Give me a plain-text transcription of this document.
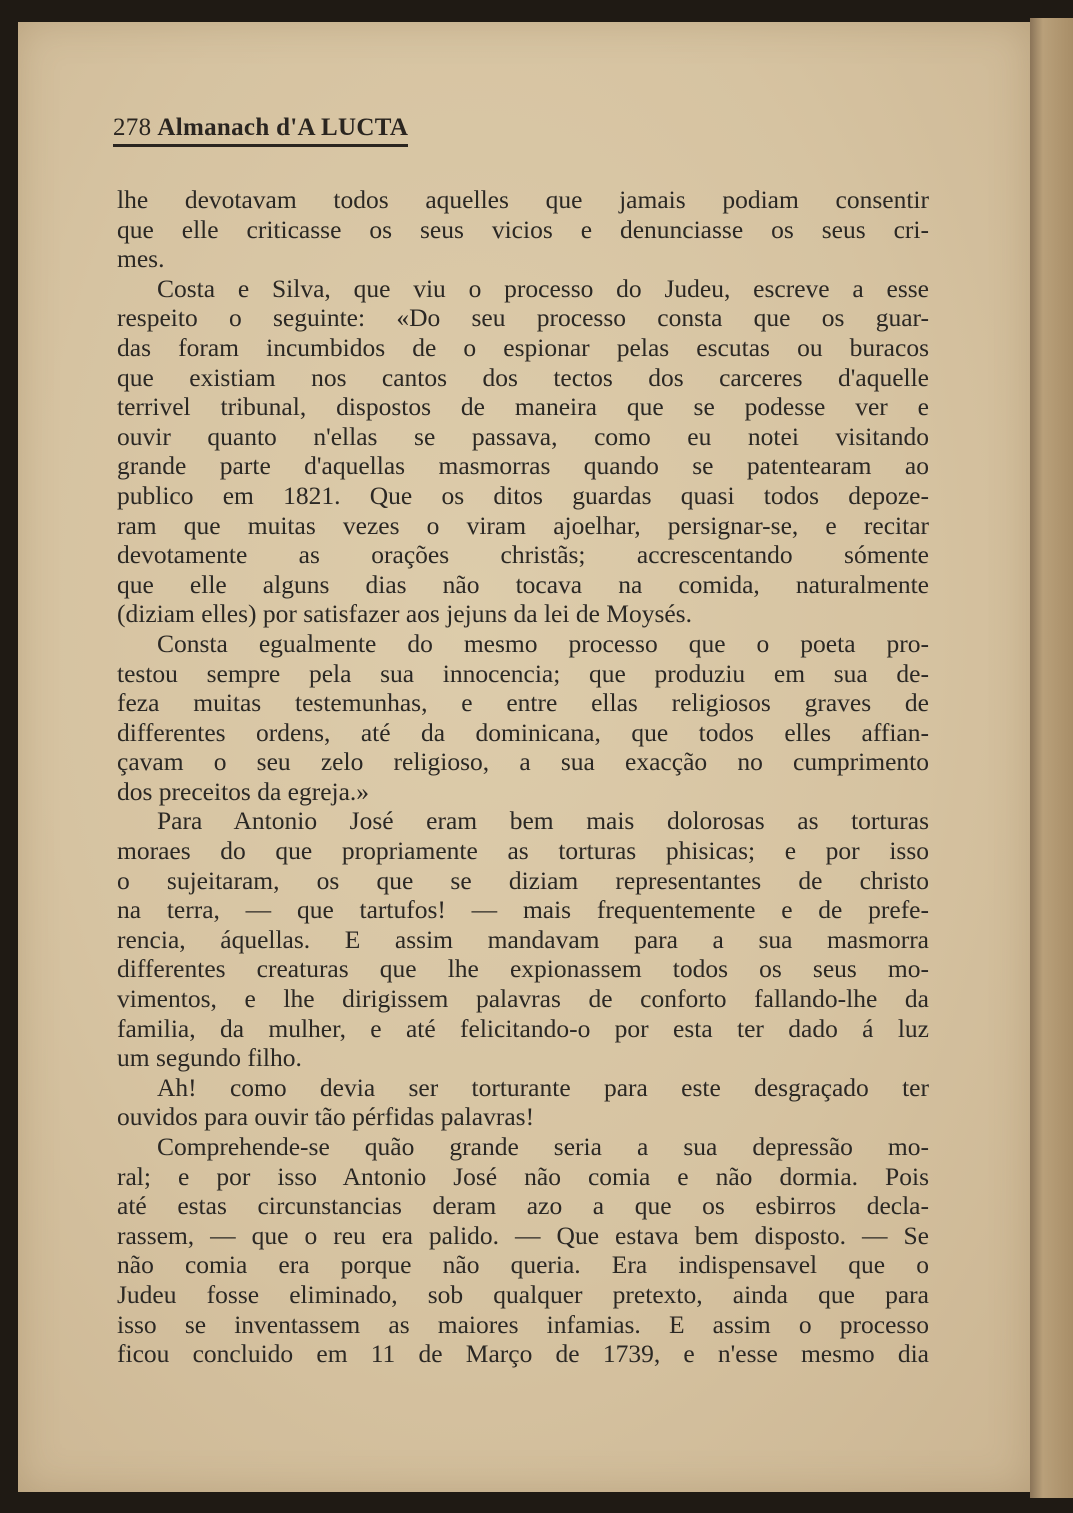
278 Almanach d'A LUCTA
lhe devotavam todos aquelles que jamais podiam consentir
que elle criticasse os seus vicios e denunciasse os seus cri-
mes.
Costa e Silva, que viu o processo do Judeu, escreve a esse
respeito o seguinte: «Do seu processo consta que os guar-
das foram incumbidos de o espionar pelas escutas ou buracos
que existiam nos cantos dos tectos dos carceres d'aquelle
terrivel tribunal, dispostos de maneira que se podesse ver e
ouvir quanto n'ellas se passava, como eu notei visitando
grande parte d'aquellas masmorras quando se patentearam ao
publico em 1821. Que os ditos guardas quasi todos depoze-
ram que muitas vezes o viram ajoelhar, persignar-se, e recitar
devotamente as orações christãs; accrescentando sómente
que elle alguns dias não tocava na comida, naturalmente
(diziam elles) por satisfazer aos jejuns da lei de Moysés.
Consta egualmente do mesmo processo que o poeta pro-
testou sempre pela sua innocencia; que produziu em sua de-
feza muitas testemunhas, e entre ellas religiosos graves de
differentes ordens, até da dominicana, que todos elles affian-
çavam o seu zelo religioso, a sua exacção no cumprimento
dos preceitos da egreja.»
Para Antonio José eram bem mais dolorosas as torturas
moraes do que propriamente as torturas phisicas; e por isso
o sujeitaram, os que se diziam representantes de christo
na terra, — que tartufos! — mais frequentemente e de prefe-
rencia, áquellas. E assim mandavam para a sua masmorra
differentes creaturas que lhe expionassem todos os seus mo-
vimentos, e lhe dirigissem palavras de conforto fallando-lhe da
familia, da mulher, e até felicitando-o por esta ter dado á luz
um segundo filho.
Ah! como devia ser torturante para este desgraçado ter
ouvidos para ouvir tão pérfidas palavras!
Comprehende-se quão grande seria a sua depressão mo-
ral; e por isso Antonio José não comia e não dormia. Pois
até estas circunstancias deram azo a que os esbirros decla-
rassem, — que o reu era palido. — Que estava bem disposto. — Se
não comia era porque não queria. Era indispensavel que o
Judeu fosse eliminado, sob qualquer pretexto, ainda que para
isso se inventassem as maiores infamias. E assim o processo
ficou concluido em 11 de Março de 1739, e n'esse mesmo dia
